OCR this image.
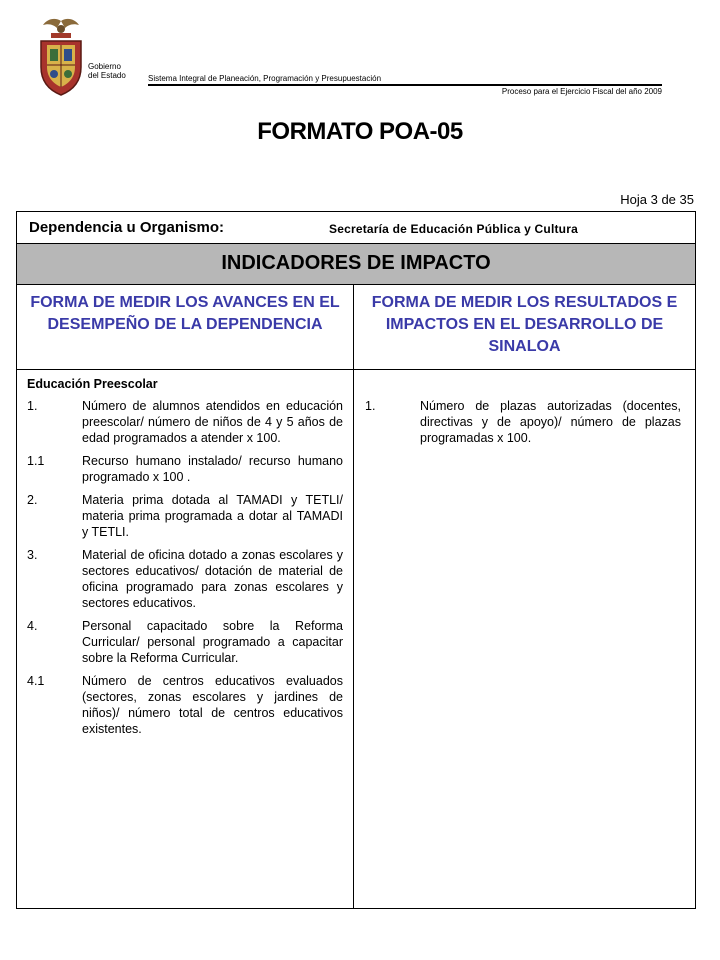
Gobierno
del Estado	Sistema Integral de Planeación, Programación y Presupuestación
Proceso para el Ejercicio Fiscal del año 2009
FORMATO POA-05
Hoja 3 de 35
Dependencia u Organismo:	Secretaría de Educación Pública y Cultura
INDICADORES DE IMPACTO
FORMA DE MEDIR LOS AVANCES EN EL DESEMPEÑO DE LA DEPENDENCIA
FORMA DE MEDIR LOS RESULTADOS E IMPACTOS EN EL DESARROLLO DE SINALOA
Educación Preescolar
1.	Número de alumnos atendidos en educación preescolar/ número de niños de 4 y 5 años de edad programados a atender x 100.
1.1	Recurso humano instalado/ recurso humano programado x 100 .
2.	Materia prima dotada al TAMADI y TETLI/ materia prima programada a dotar al TAMADI y TETLI.
3.	Material de oficina dotado a zonas escolares y sectores educativos/ dotación de material de oficina programado para zonas escolares y sectores educativos.
4.	Personal capacitado sobre la Reforma Curricular/ personal programado a capacitar sobre la Reforma Curricular.
4.1	Número de centros educativos evaluados (sectores, zonas escolares y jardines de niños)/ número total de centros educativos existentes.
1.	Número de plazas autorizadas (docentes, directivas y de apoyo)/ número de plazas programadas x 100.
